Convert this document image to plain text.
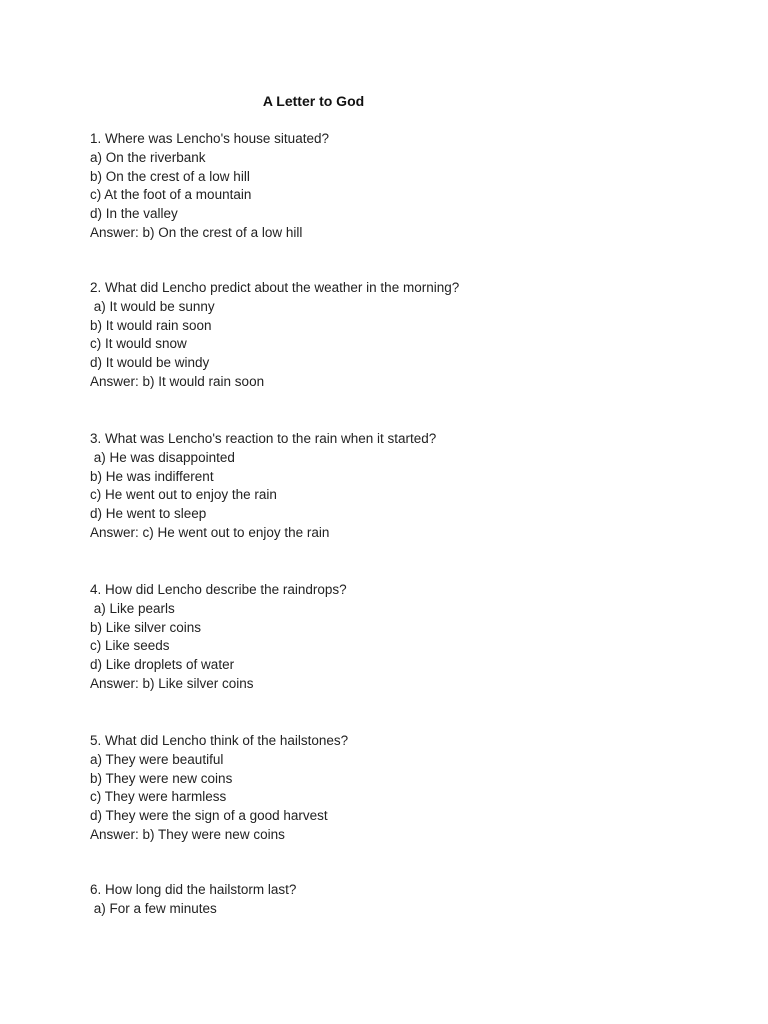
A Letter to God
1. Where was Lencho's house situated?
a) On the riverbank
b) On the crest of a low hill
c) At the foot of a mountain
d) In the valley
Answer: b) On the crest of a low hill
2. What did Lencho predict about the weather in the morning?
a) It would be sunny
b) It would rain soon
c) It would snow
d) It would be windy
Answer: b) It would rain soon
3. What was Lencho's reaction to the rain when it started?
a) He was disappointed
b) He was indifferent
c) He went out to enjoy the rain
d) He went to sleep
Answer: c) He went out to enjoy the rain
4. How did Lencho describe the raindrops?
a) Like pearls
b) Like silver coins
c) Like seeds
d) Like droplets of water
Answer: b) Like silver coins
5. What did Lencho think of the hailstones?
a) They were beautiful
b) They were new coins
c) They were harmless
d) They were the sign of a good harvest
Answer: b) They were new coins
6. How long did the hailstorm last?
a) For a few minutes
